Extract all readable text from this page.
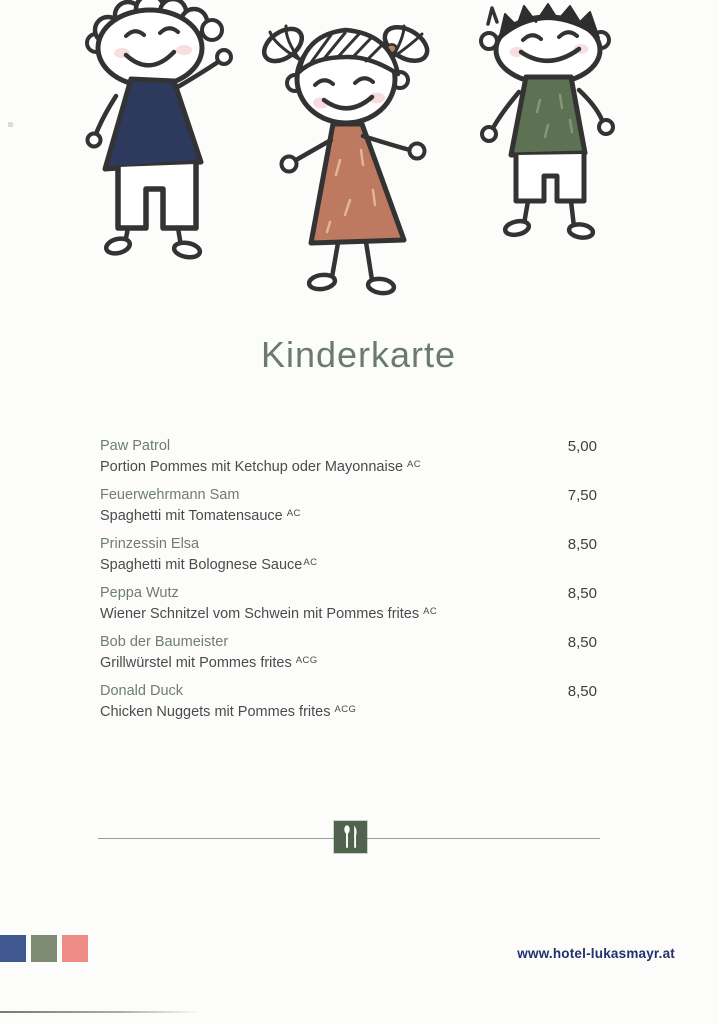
Kinderkarte
Paw Patrol
Portion Pommes mit Ketchup oder Mayonnaise $^{AC}$
5,00
Feuerwehrmann Sam
Spaghetti mit Tomatensauce $^{AC}$
7,50
Prinzessin Elsa
Spaghetti mit Bolognese Sauce$^{AC}$
8,50
Peppa Wutz
Wiener Schnitzel vom Schwein mit Pommes frites $^{AC}$
8,50
Bob der Baumeister
Grillwürstel mit Pommes frites $^{ACG}$
8,50
Donald Duck
Chicken Nuggets mit Pommes frites $^{ACG}$
8,50
www.hotel-lukasmayr.at
